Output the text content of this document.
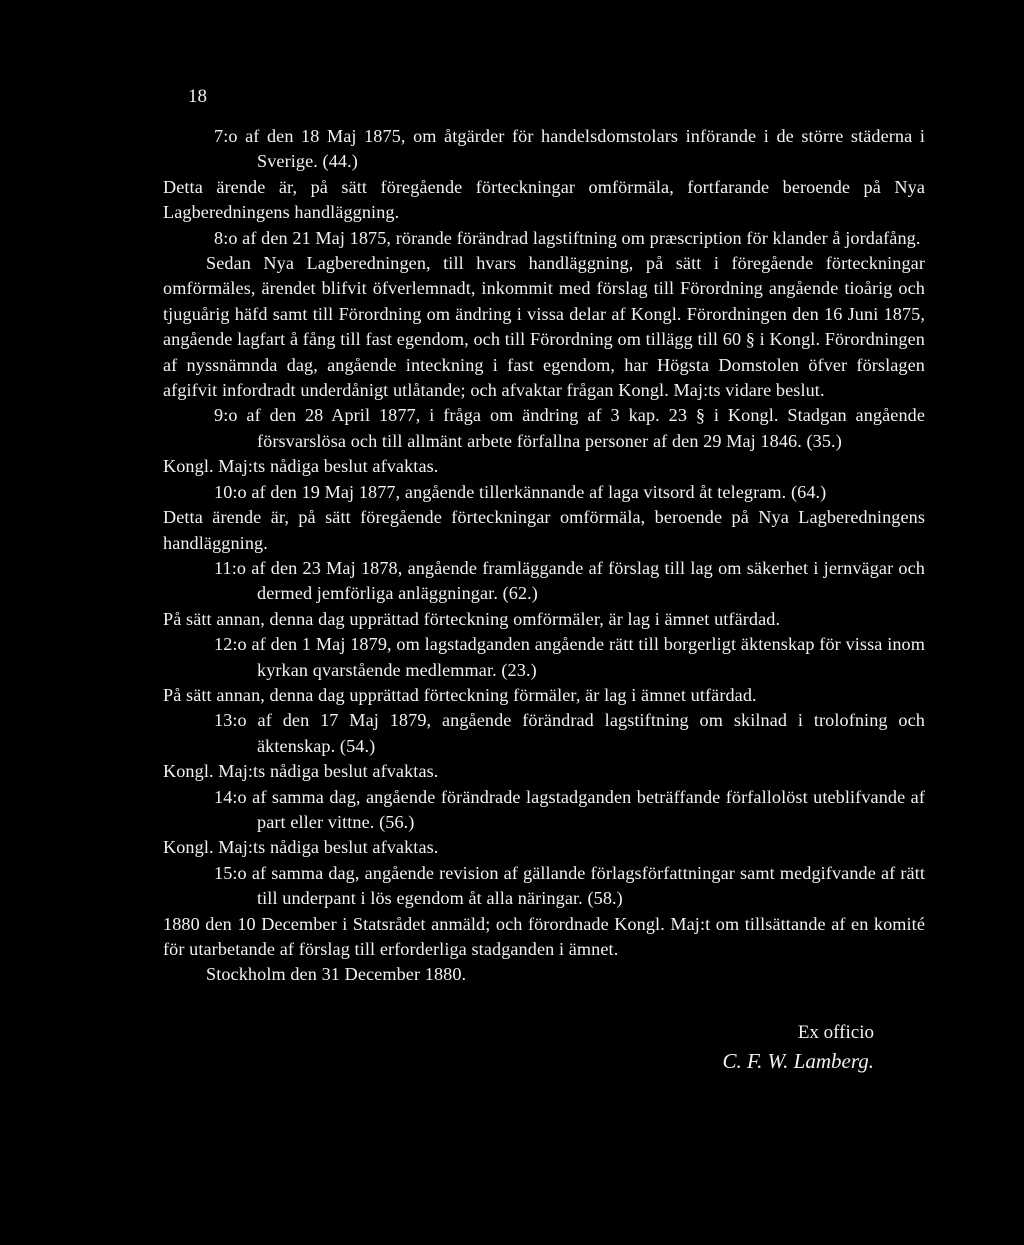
18

7:o af den 18 Maj 1875, om åtgärder för handelsdomstolars införande i de större städerna i Sverige. (44.)

Detta ärende är, på sätt föregående förteckningar omförmäla, fortfarande beroende på Nya Lagberedningens handläggning.

8:o af den 21 Maj 1875, rörande förändrad lagstiftning om præscription för klander å jordafång.

Sedan Nya Lagberedningen, till hvars handläggning, på sätt i föregående förteckningar omförmäles, ärendet blifvit öfverlemnadt, inkommit med förslag till Förordning angående tioårig och tjuguårig häfd samt till Förordning om ändring i vissa delar af Kongl. Förordningen den 16 Juni 1875, angående lagfart å fång till fast egendom, och till Förordning om tillägg till 60 § i Kongl. Förordningen af nyssnämnda dag, angående inteckning i fast egendom, har Högsta Domstolen öfver förslagen afgifvit infordradt underdånigt utlåtande; och afvaktar frågan Kongl. Maj:ts vidare beslut.

9:o af den 28 April 1877, i fråga om ändring af 3 kap. 23 § i Kongl. Stadgan angående försvarslösa och till allmänt arbete förfallna personer af den 29 Maj 1846. (35.)

Kongl. Maj:ts nådiga beslut afvaktas.

10:o af den 19 Maj 1877, angående tillerkännande af laga vitsord åt telegram. (64.)

Detta ärende är, på sätt föregående förteckningar omförmäla, beroende på Nya Lagberedningens handläggning.

11:o af den 23 Maj 1878, angående framläggande af förslag till lag om säkerhet i jernvägar och dermed jemförliga anläggningar. (62.)

På sätt annan, denna dag upprättad förteckning omförmäler, är lag i ämnet utfärdad.

12:o af den 1 Maj 1879, om lagstadganden angående rätt till borgerligt äktenskap för vissa inom kyrkan qvarstående medlemmar. (23.)

På sätt annan, denna dag upprättad förteckning förmäler, är lag i ämnet utfärdad.

13:o af den 17 Maj 1879, angående förändrad lagstiftning om skilnad i trolofning och äktenskap. (54.)

Kongl. Maj:ts nådiga beslut afvaktas.

14:o af samma dag, angående förändrade lagstadganden beträffande förfallolöst uteblifvande af part eller vittne. (56.)

Kongl. Maj:ts nådiga beslut afvaktas.

15:o af samma dag, angående revision af gällande förlagsförfattningar samt medgifvande af rätt till underpant i lös egendom åt alla näringar. (58.)

1880 den 10 December i Statsrådet anmäld; och förordnade Kongl. Maj:t om tillsättande af en komité för utarbetande af förslag till erforderliga stadganden i ämnet.

Stockholm den 31 December 1880.

Ex officio
C. F. W. Lamberg.
